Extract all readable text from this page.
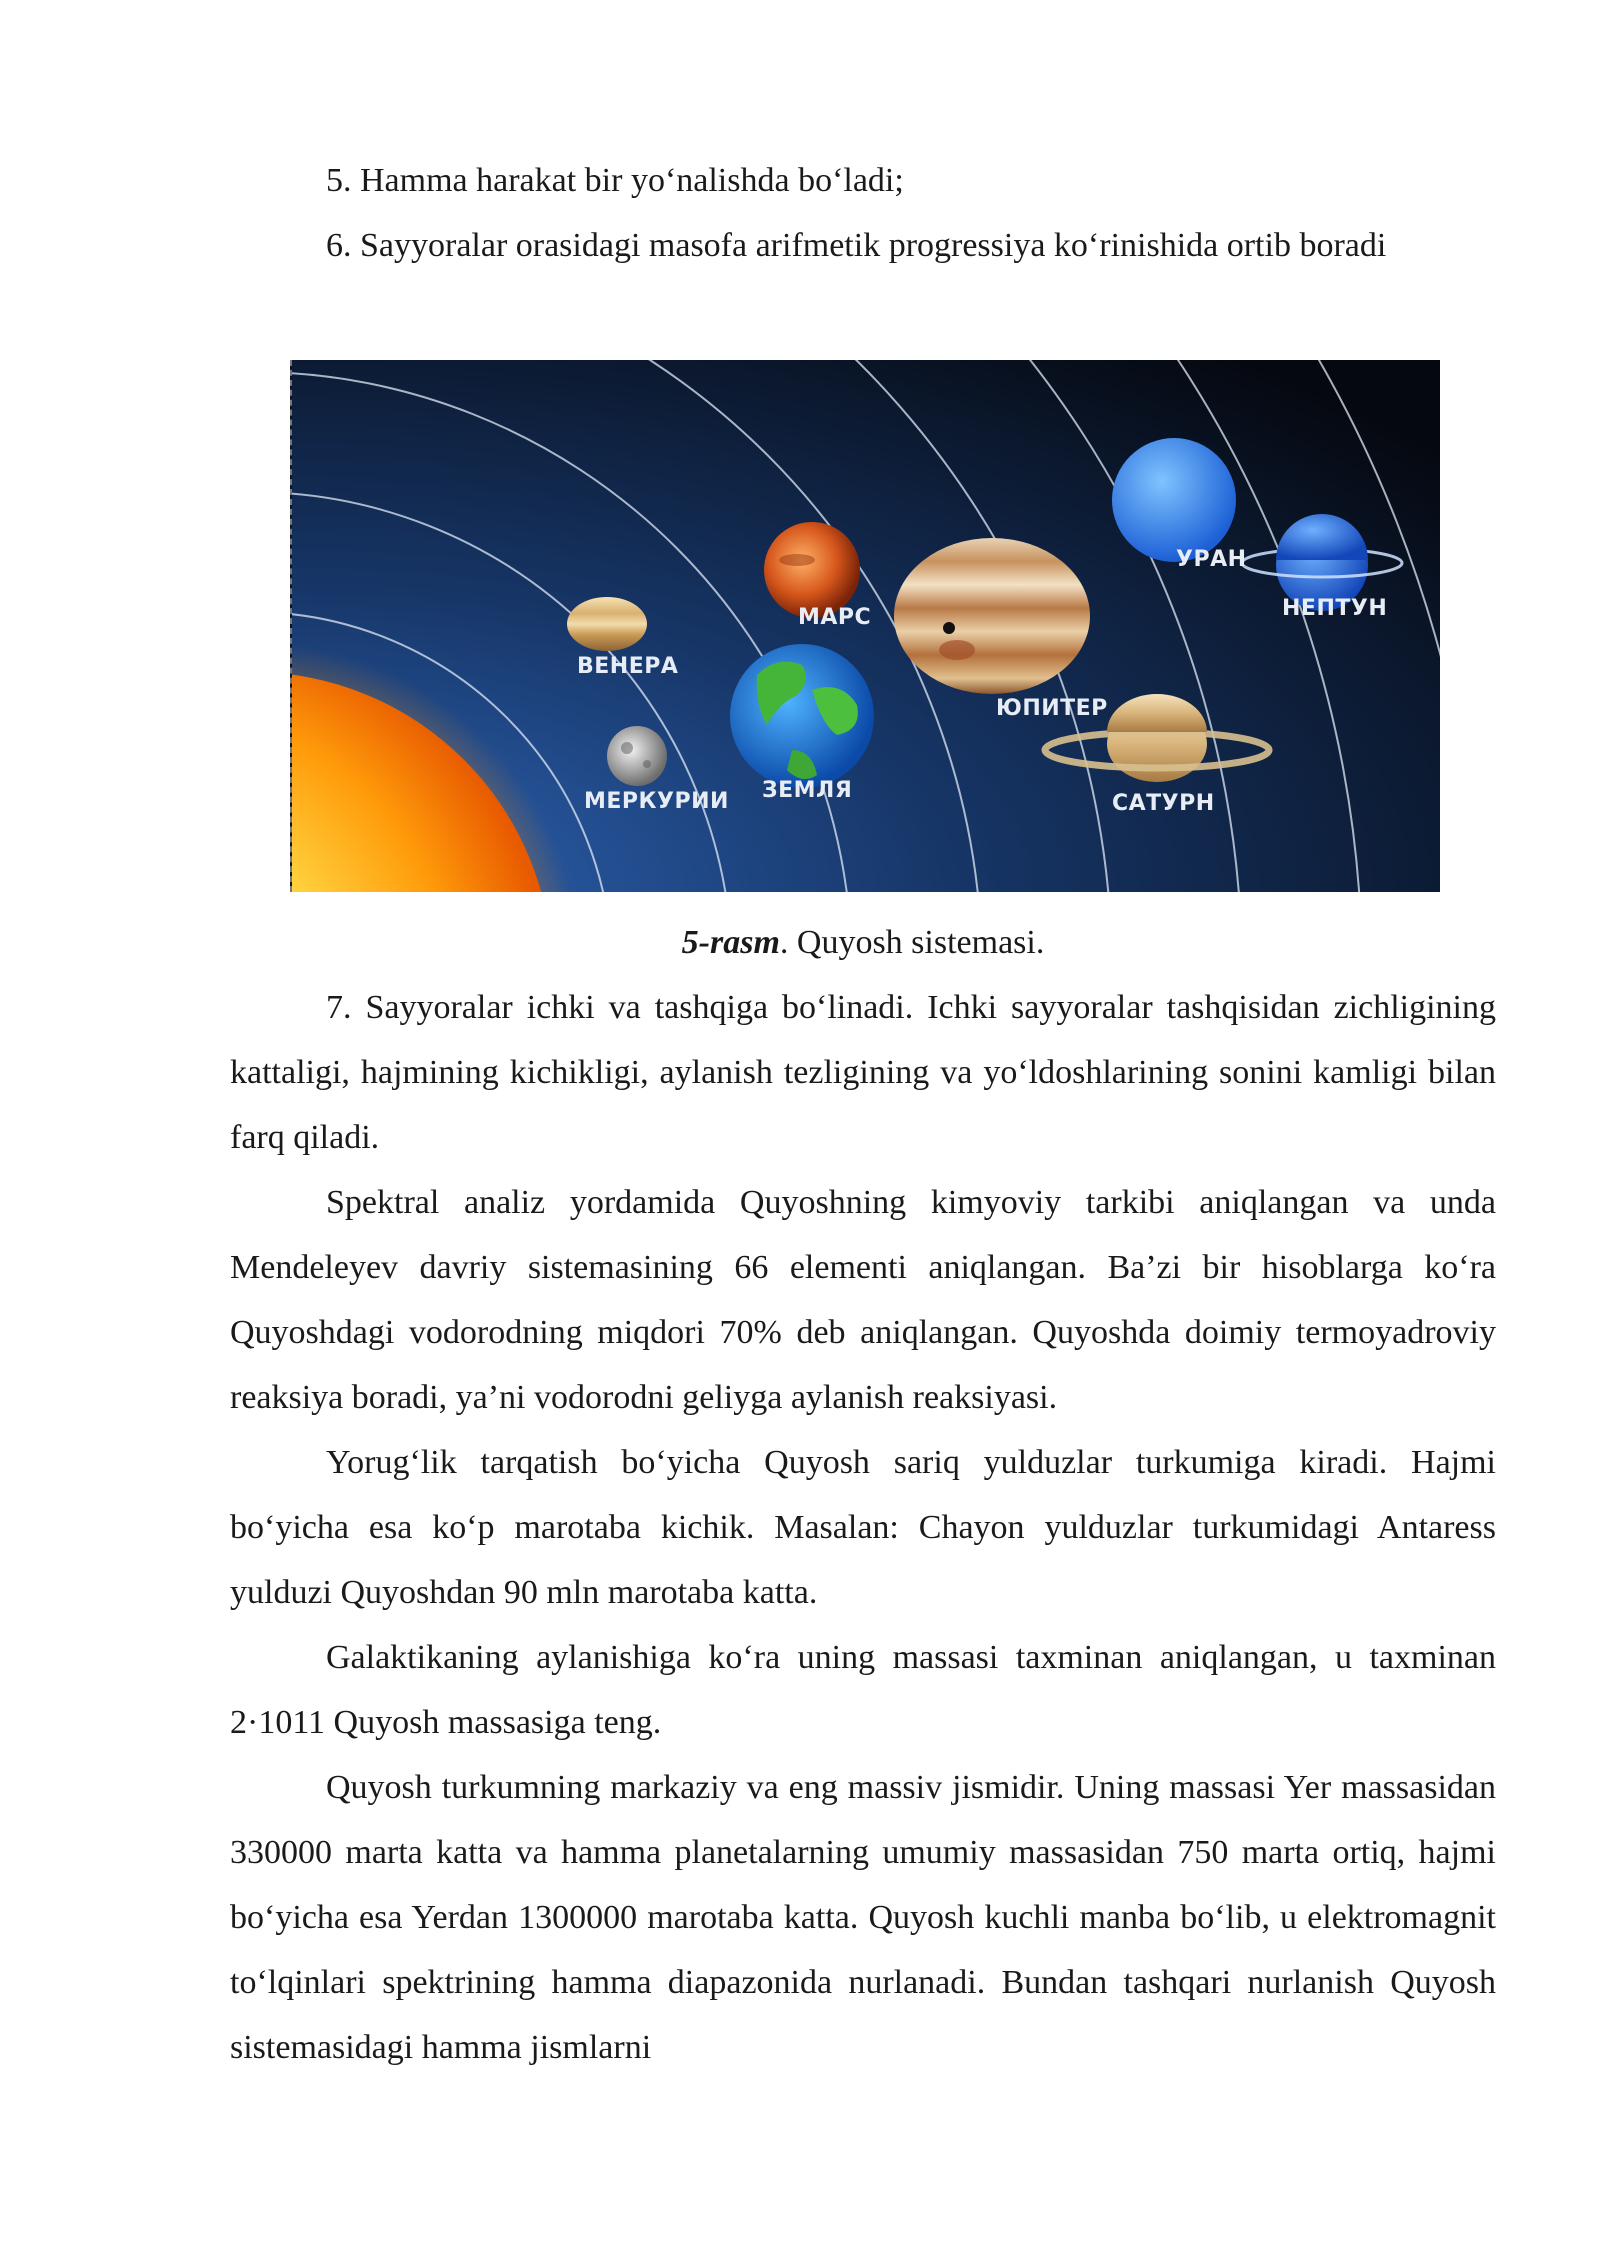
5. Hamma harakat bir yo‘nalishda bo‘ladi;

6. Sayyoralar orasidagi masofa arifmetik progressiya ko‘rinishida ortib boradi

МЕРКУРИИ
ВЕНЕРА
ЗЕМЛЯ
МАРС
ЮПИТЕР
САТУРН
УРАН
НЕПТУН

5-rasm. Quyosh sistemasi.

7. Sayyoralar ichki va tashqiga bo‘linadi. Ichki sayyoralar tashqisidan zichligining kattaligi, hajmining kichikligi, aylanish tezligining va yo‘ldoshlarining sonini kamligi bilan farq qiladi.

Spektral analiz yordamida Quyoshning kimyoviy tarkibi aniqlangan va unda Mendeleyev davriy sistemasining 66 elementi aniqlangan. Ba’zi bir hisoblarga ko‘ra Quyoshdagi vodorodning miqdori 70% deb aniqlangan. Quyoshda doimiy termoyadroviy reaksiya boradi, ya’ni vodorodni geliyga aylanish reaksiyasi.

Yorug‘lik tarqatish bo‘yicha Quyosh sariq yulduzlar turkumiga kiradi. Hajmi bo‘yicha esa ko‘p marotaba kichik. Masalan: Chayon yulduzlar turkumidagi Antaress yulduzi Quyoshdan 90 mln marotaba katta.

Galaktikaning aylanishiga ko‘ra uning massasi taxminan aniqlangan, u taxminan 2·1011 Quyosh massasiga teng.

Quyosh turkumning markaziy va eng massiv jismidir. Uning massasi Yer massasidan 330000 marta katta va hamma planetalarning umumiy massasidan 750 marta ortiq, hajmi bo‘yicha esa Yerdan 1300000 marotaba katta. Quyosh kuchli manba bo‘lib, u elektromagnit to‘lqinlari spektrining hamma diapazonida nurlanadi. Bundan tashqari nurlanish Quyosh sistemasidagi hamma jismlarni
